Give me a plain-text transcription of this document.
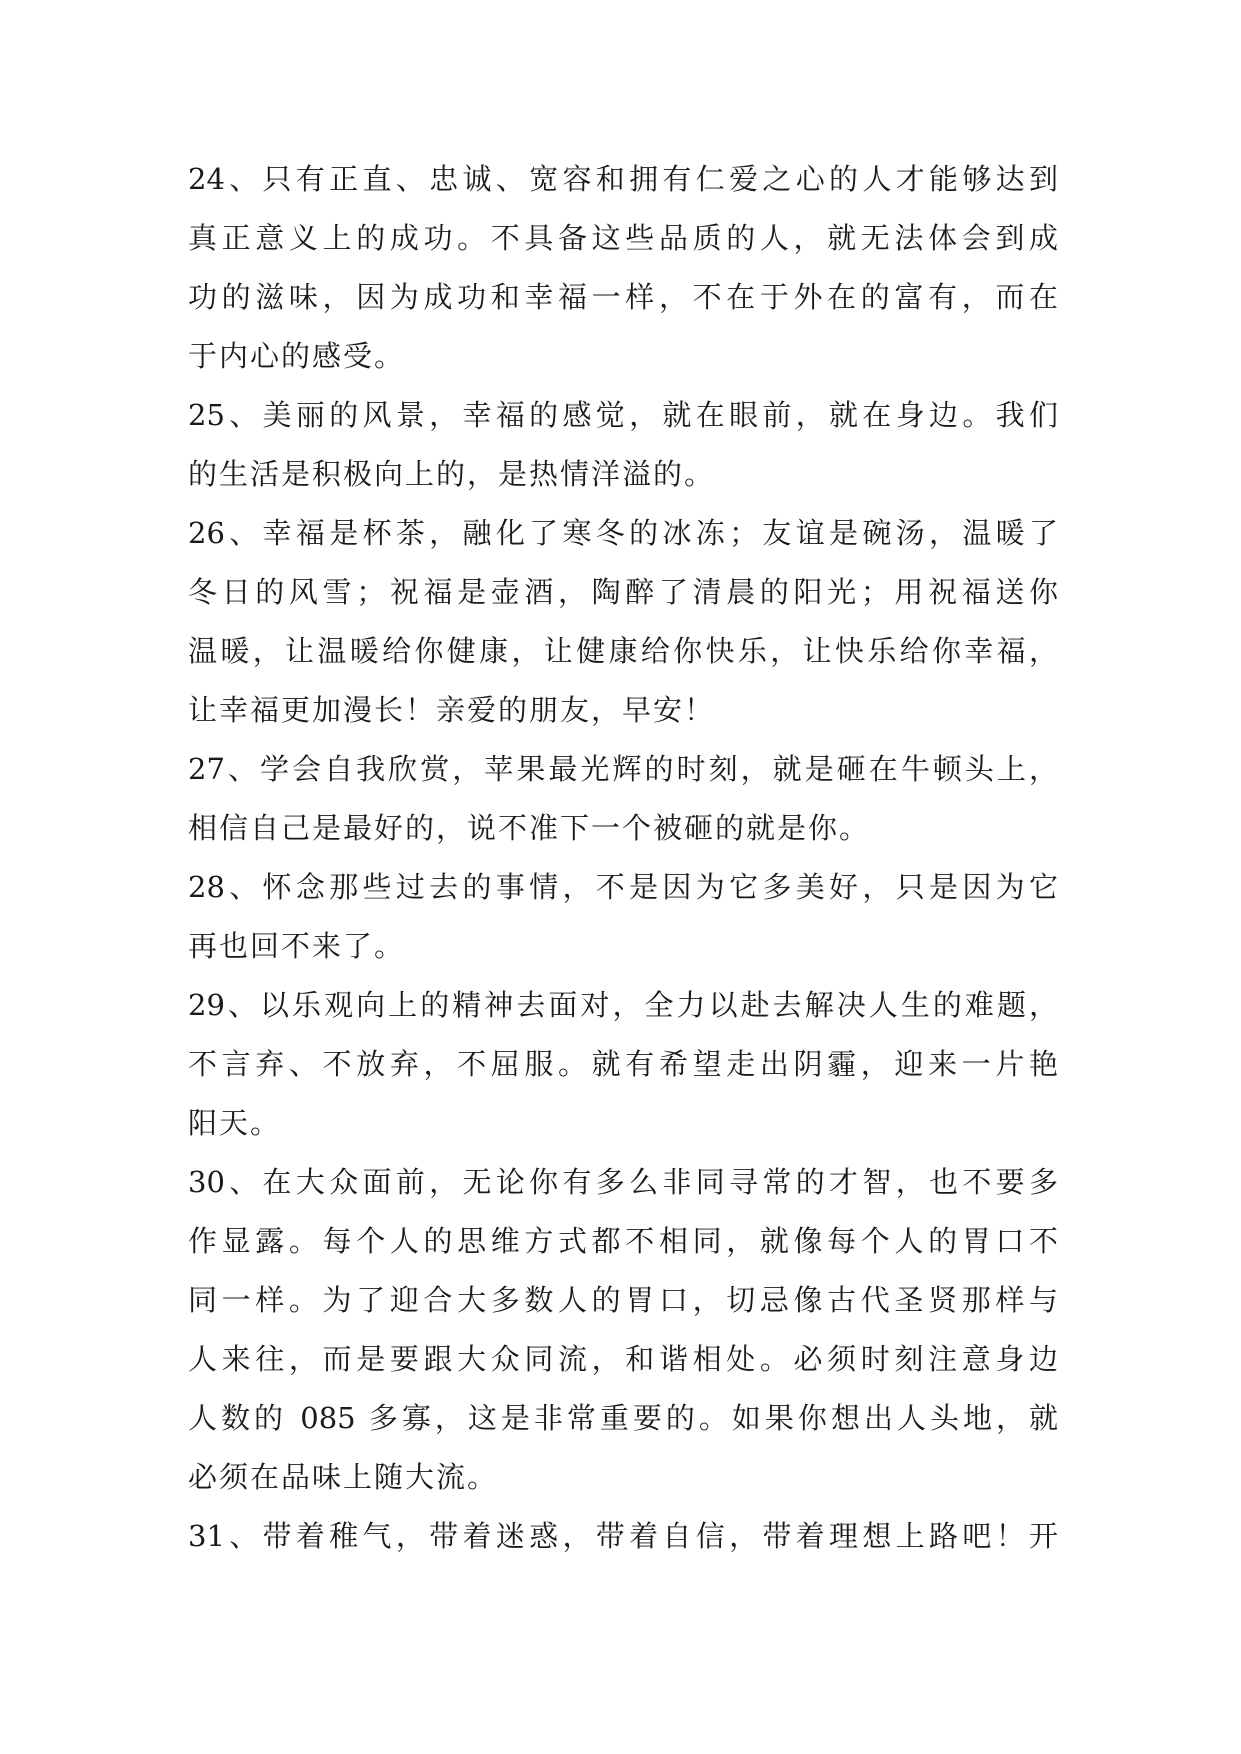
24、只有正直、忠诚、宽容和拥有仁爱之心的人才能够达到
真正意义上的成功。不具备这些品质的人，就无法体会到成
功的滋味，因为成功和幸福一样，不在于外在的富有，而在
于内心的感受。
25、美丽的风景，幸福的感觉，就在眼前，就在身边。我们
的生活是积极向上的，是热情洋溢的。
26、幸福是杯茶，融化了寒冬的冰冻；友谊是碗汤，温暖了
冬日的风雪；祝福是壶酒，陶醉了清晨的阳光；用祝福送你
温暖，让温暖给你健康，让健康给你快乐，让快乐给你幸福，
让幸福更加漫长！亲爱的朋友，早安！
27、学会自我欣赏，苹果最光辉的时刻，就是砸在牛顿头上，
相信自己是最好的，说不准下一个被砸的就是你。
28、怀念那些过去的事情，不是因为它多美好，只是因为它
再也回不来了。
29、以乐观向上的精神去面对，全力以赴去解决人生的难题，
不言弃、不放弃，不屈服。就有希望走出阴霾，迎来一片艳
阳天。
30、在大众面前，无论你有多么非同寻常的才智，也不要多
作显露。每个人的思维方式都不相同，就像每个人的胃口不
同一样。为了迎合大多数人的胃口，切忌像古代圣贤那样与
人来往，而是要跟大众同流，和谐相处。必须时刻注意身边
人数的 085 多寡，这是非常重要的。如果你想出人头地，就
必须在品味上随大流。
31、带着稚气，带着迷惑，带着自信，带着理想上路吧！开
